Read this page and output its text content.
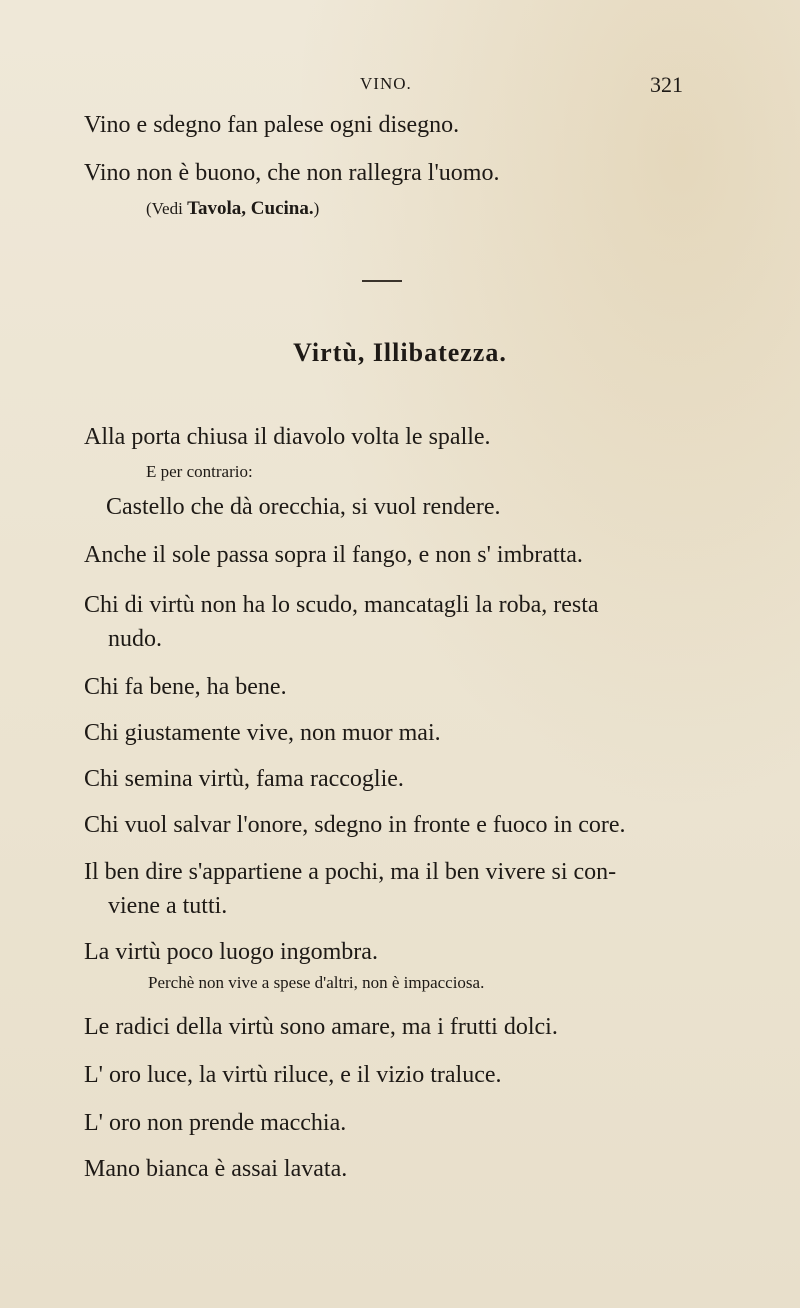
VINO.	321

Vino e sdegno fan palese ogni disegno.

Vino non è buono, che non rallegra l'uomo.

(Vedi Tavola, Cucina.)

Virtù, Illibatezza.

Alla porta chiusa il diavolo volta le spalle.

E per contrario:

Castello che dà orecchia, si vuol rendere.

Anche il sole passa sopra il fango, e non s' imbratta.

Chi di virtù non ha lo scudo, mancatagli la roba, resta
nudo.

Chi fa bene, ha bene.

Chi giustamente vive, non muor mai.

Chi semina virtù, fama raccoglie.

Chi vuol salvar l'onore, sdegno in fronte e fuoco in core.

Il ben dire s'appartiene a pochi, ma il ben vivere si con-
viene a tutti.

La virtù poco luogo ingombra.

Perchè non vive a spese d'altri, non è impacciosa.

Le radici della virtù sono amare, ma i frutti dolci.

L' oro luce, la virtù riluce, e il vizio traluce.

L' oro non prende macchia.

Mano bianca è assai lavata.
